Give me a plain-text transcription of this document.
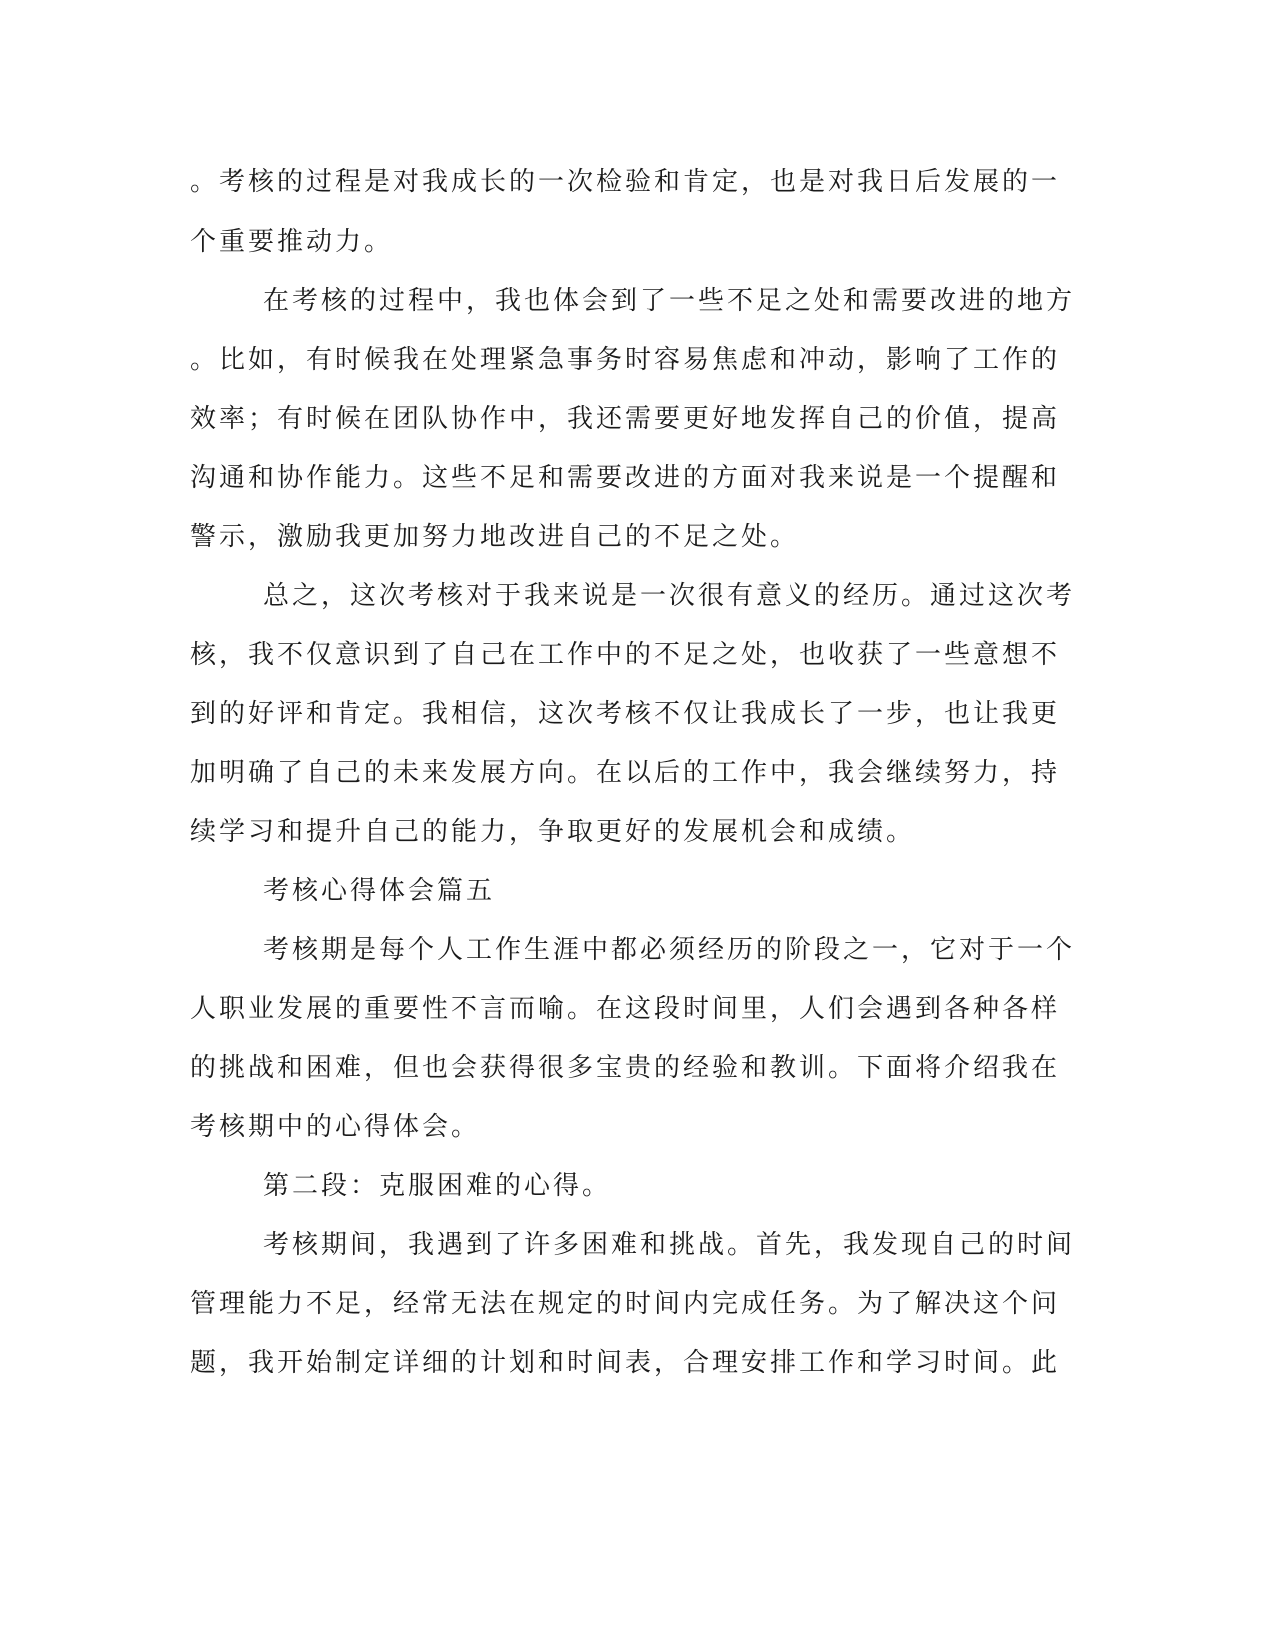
。考核的过程是对我成长的一次检验和肯定，也是对我日后发展的一
个重要推动力。
在考核的过程中，我也体会到了一些不足之处和需要改进的地方
。比如，有时候我在处理紧急事务时容易焦虑和冲动，影响了工作的
效率；有时候在团队协作中，我还需要更好地发挥自己的价值，提高
沟通和协作能力。这些不足和需要改进的方面对我来说是一个提醒和
警示，激励我更加努力地改进自己的不足之处。
总之，这次考核对于我来说是一次很有意义的经历。通过这次考
核，我不仅意识到了自己在工作中的不足之处，也收获了一些意想不
到的好评和肯定。我相信，这次考核不仅让我成长了一步，也让我更
加明确了自己的未来发展方向。在以后的工作中，我会继续努力，持
续学习和提升自己的能力，争取更好的发展机会和成绩。
考核心得体会篇五
考核期是每个人工作生涯中都必须经历的阶段之一，它对于一个
人职业发展的重要性不言而喻。在这段时间里，人们会遇到各种各样
的挑战和困难，但也会获得很多宝贵的经验和教训。下面将介绍我在
考核期中的心得体会。
第二段：克服困难的心得。
考核期间，我遇到了许多困难和挑战。首先，我发现自己的时间
管理能力不足，经常无法在规定的时间内完成任务。为了解决这个问
题，我开始制定详细的计划和时间表，合理安排工作和学习时间。此
